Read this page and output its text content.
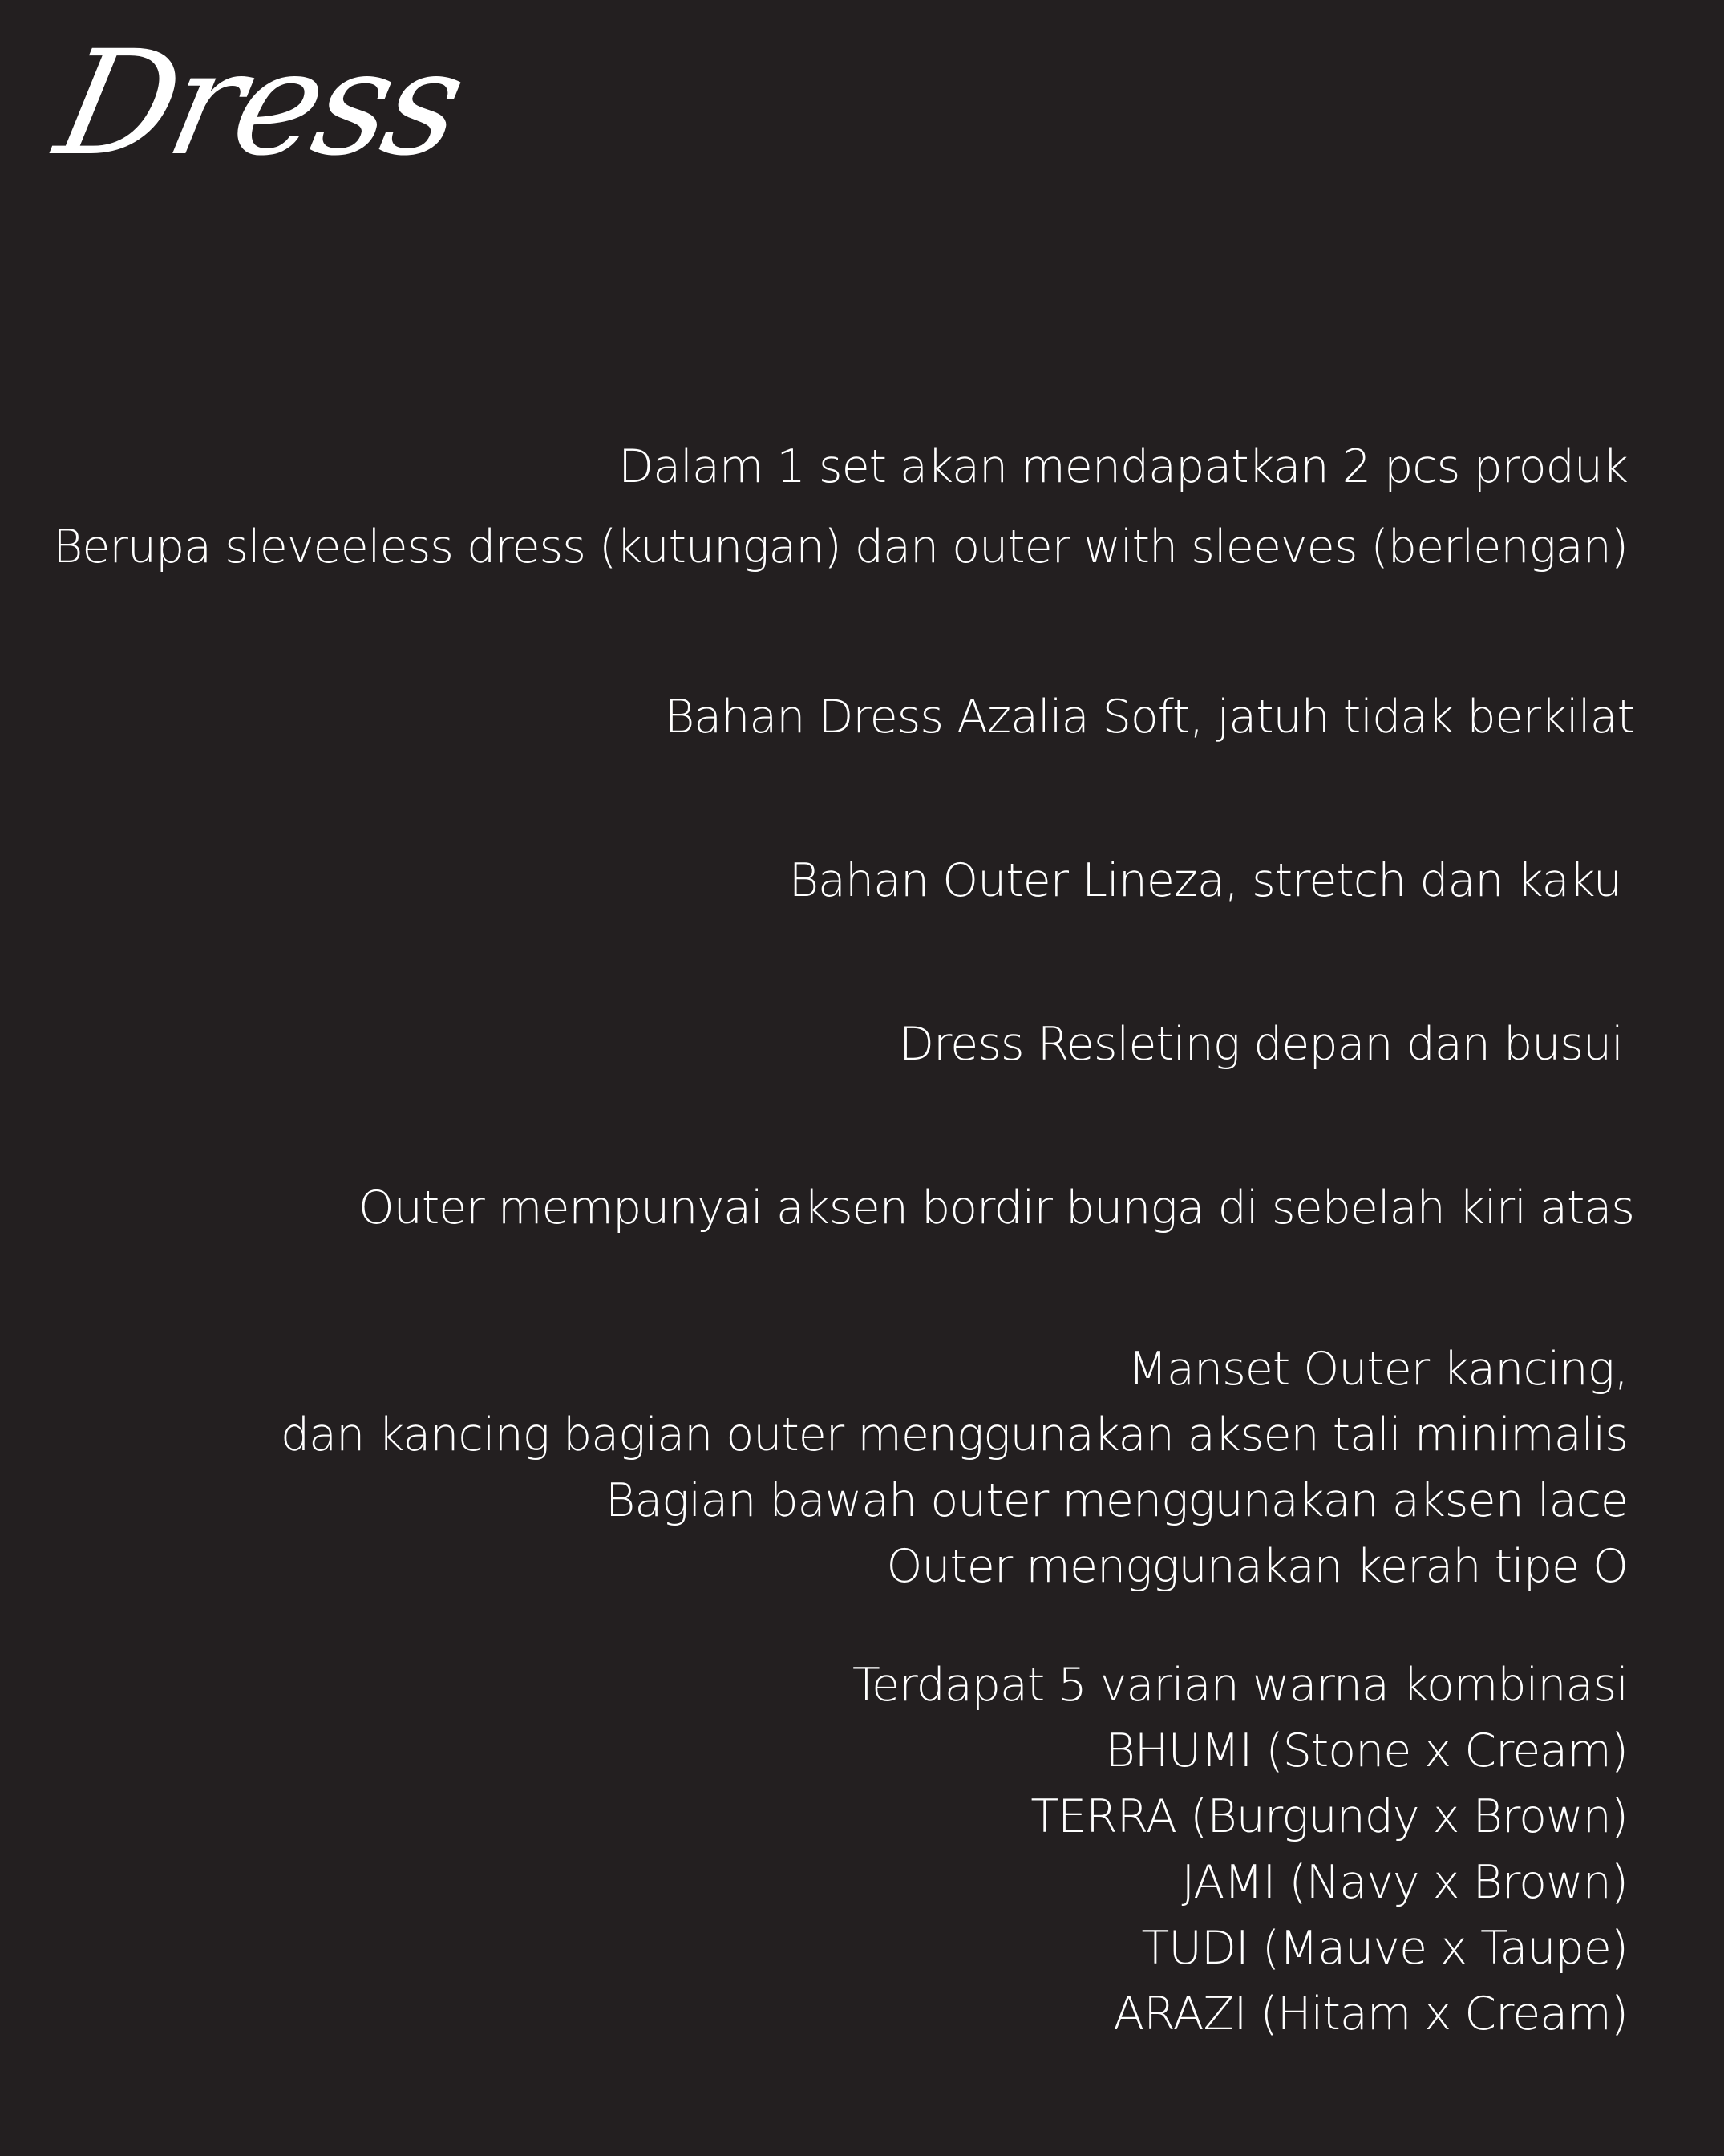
Dress
Dalam 1 set akan mendapatkan 2 pcs produk
Berupa sleveeless dress (kutungan) dan outer with sleeves (berlengan)
Bahan Dress Azalia Soft, jatuh tidak berkilat
Bahan Outer Lineza, stretch dan kaku
Dress Resleting depan dan busui
Outer mempunyai aksen bordir bunga di sebelah kiri atas
Manset Outer kancing,
dan kancing bagian outer menggunakan aksen tali minimalis
Bagian bawah outer menggunakan aksen lace
Outer menggunakan kerah tipe O
Terdapat 5 varian warna kombinasi
BHUMI (Stone x Cream)
TERRA (Burgundy x Brown)
JAMI (Navy x Brown)
TUDI (Mauve x Taupe)
ARAZI (Hitam x Cream)
